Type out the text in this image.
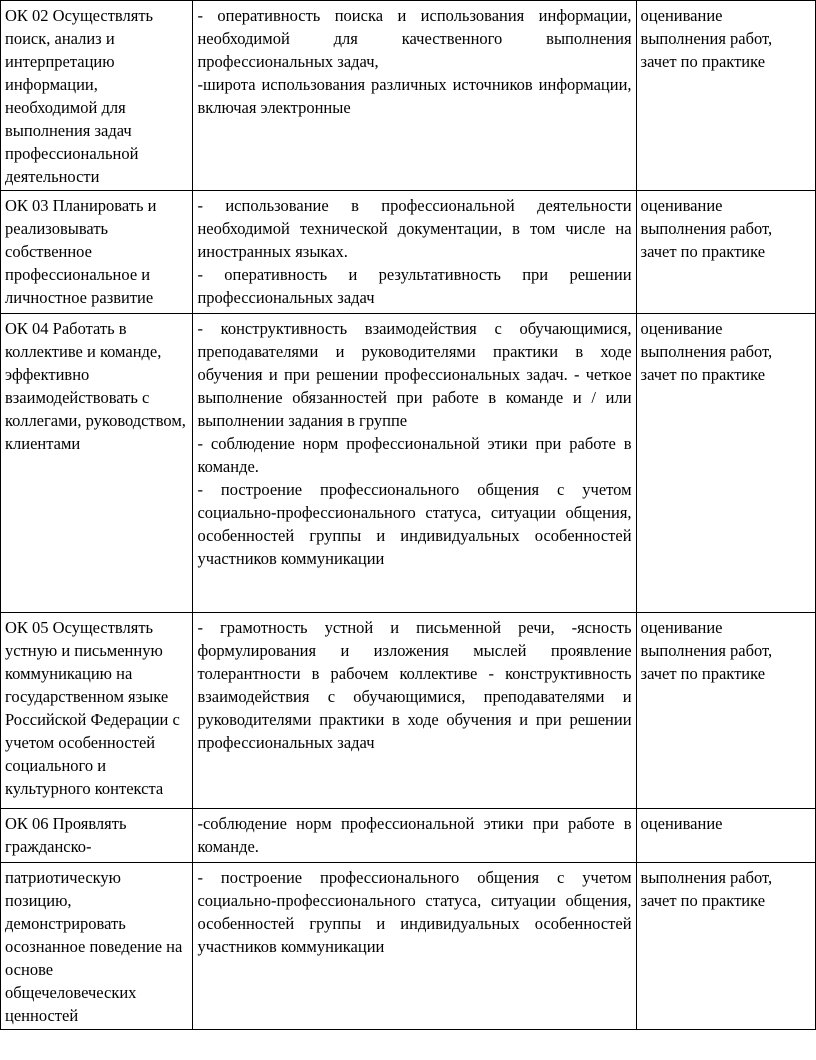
ОК 02 Осуществлять поиск, анализ и интерпретацию информации, необходимой для выполнения задач профессиональной деятельности	- оперативность поиска и использования информации, необходимой для качественного выполнения профессиональных задач,
-широта использования различных источников информации, включая электронные	оценивание выполнения работ, зачет по практике
ОК 03 Планировать и реализовывать собственное профессиональное и личностное развитие	- использование в профессиональной деятельности необходимой технической документации, в том числе на иностранных языках.
- оперативность и результативность при решении профессиональных задач	оценивание выполнения работ, зачет по практике
ОК 04 Работать в коллективе и команде, эффективно взаимодействовать с коллегами, руководством, клиентами	- конструктивность взаимодействия с обучающимися, преподавателями и руководителями практики в ходе обучения и при решении профессиональных задач. - четкое выполнение обязанностей при работе в команде и / или выполнении задания в группе
- соблюдение норм профессиональной этики при работе в команде.
- построение профессионального общения с учетом социально-профессионального статуса, ситуации общения, особенностей группы и индивидуальных особенностей участников коммуникации	оценивание выполнения работ, зачет по практике
ОК 05 Осуществлять устную и письменную коммуникацию на государственном языке Российской Федерации с учетом особенностей социального и культурного контекста	- грамотность устной и письменной речи, -ясность формулирования и изложения мыслей проявление толерантности в рабочем коллективе - конструктивность взаимодействия с обучающимися, преподавателями и руководителями практики в ходе обучения и при решении профессиональных задач	оценивание выполнения работ, зачет по практике
ОК 06 Проявлять гражданско-	-соблюдение норм профессиональной этики при работе в команде.	оценивание
патриотическую позицию, демонстрировать осознанное поведение на основе общечеловеческих ценностей	- построение профессионального общения с учетом социально-профессионального статуса, ситуации общения, особенностей группы и индивидуальных особенностей участников коммуникации	выполнения работ, зачет по практике
